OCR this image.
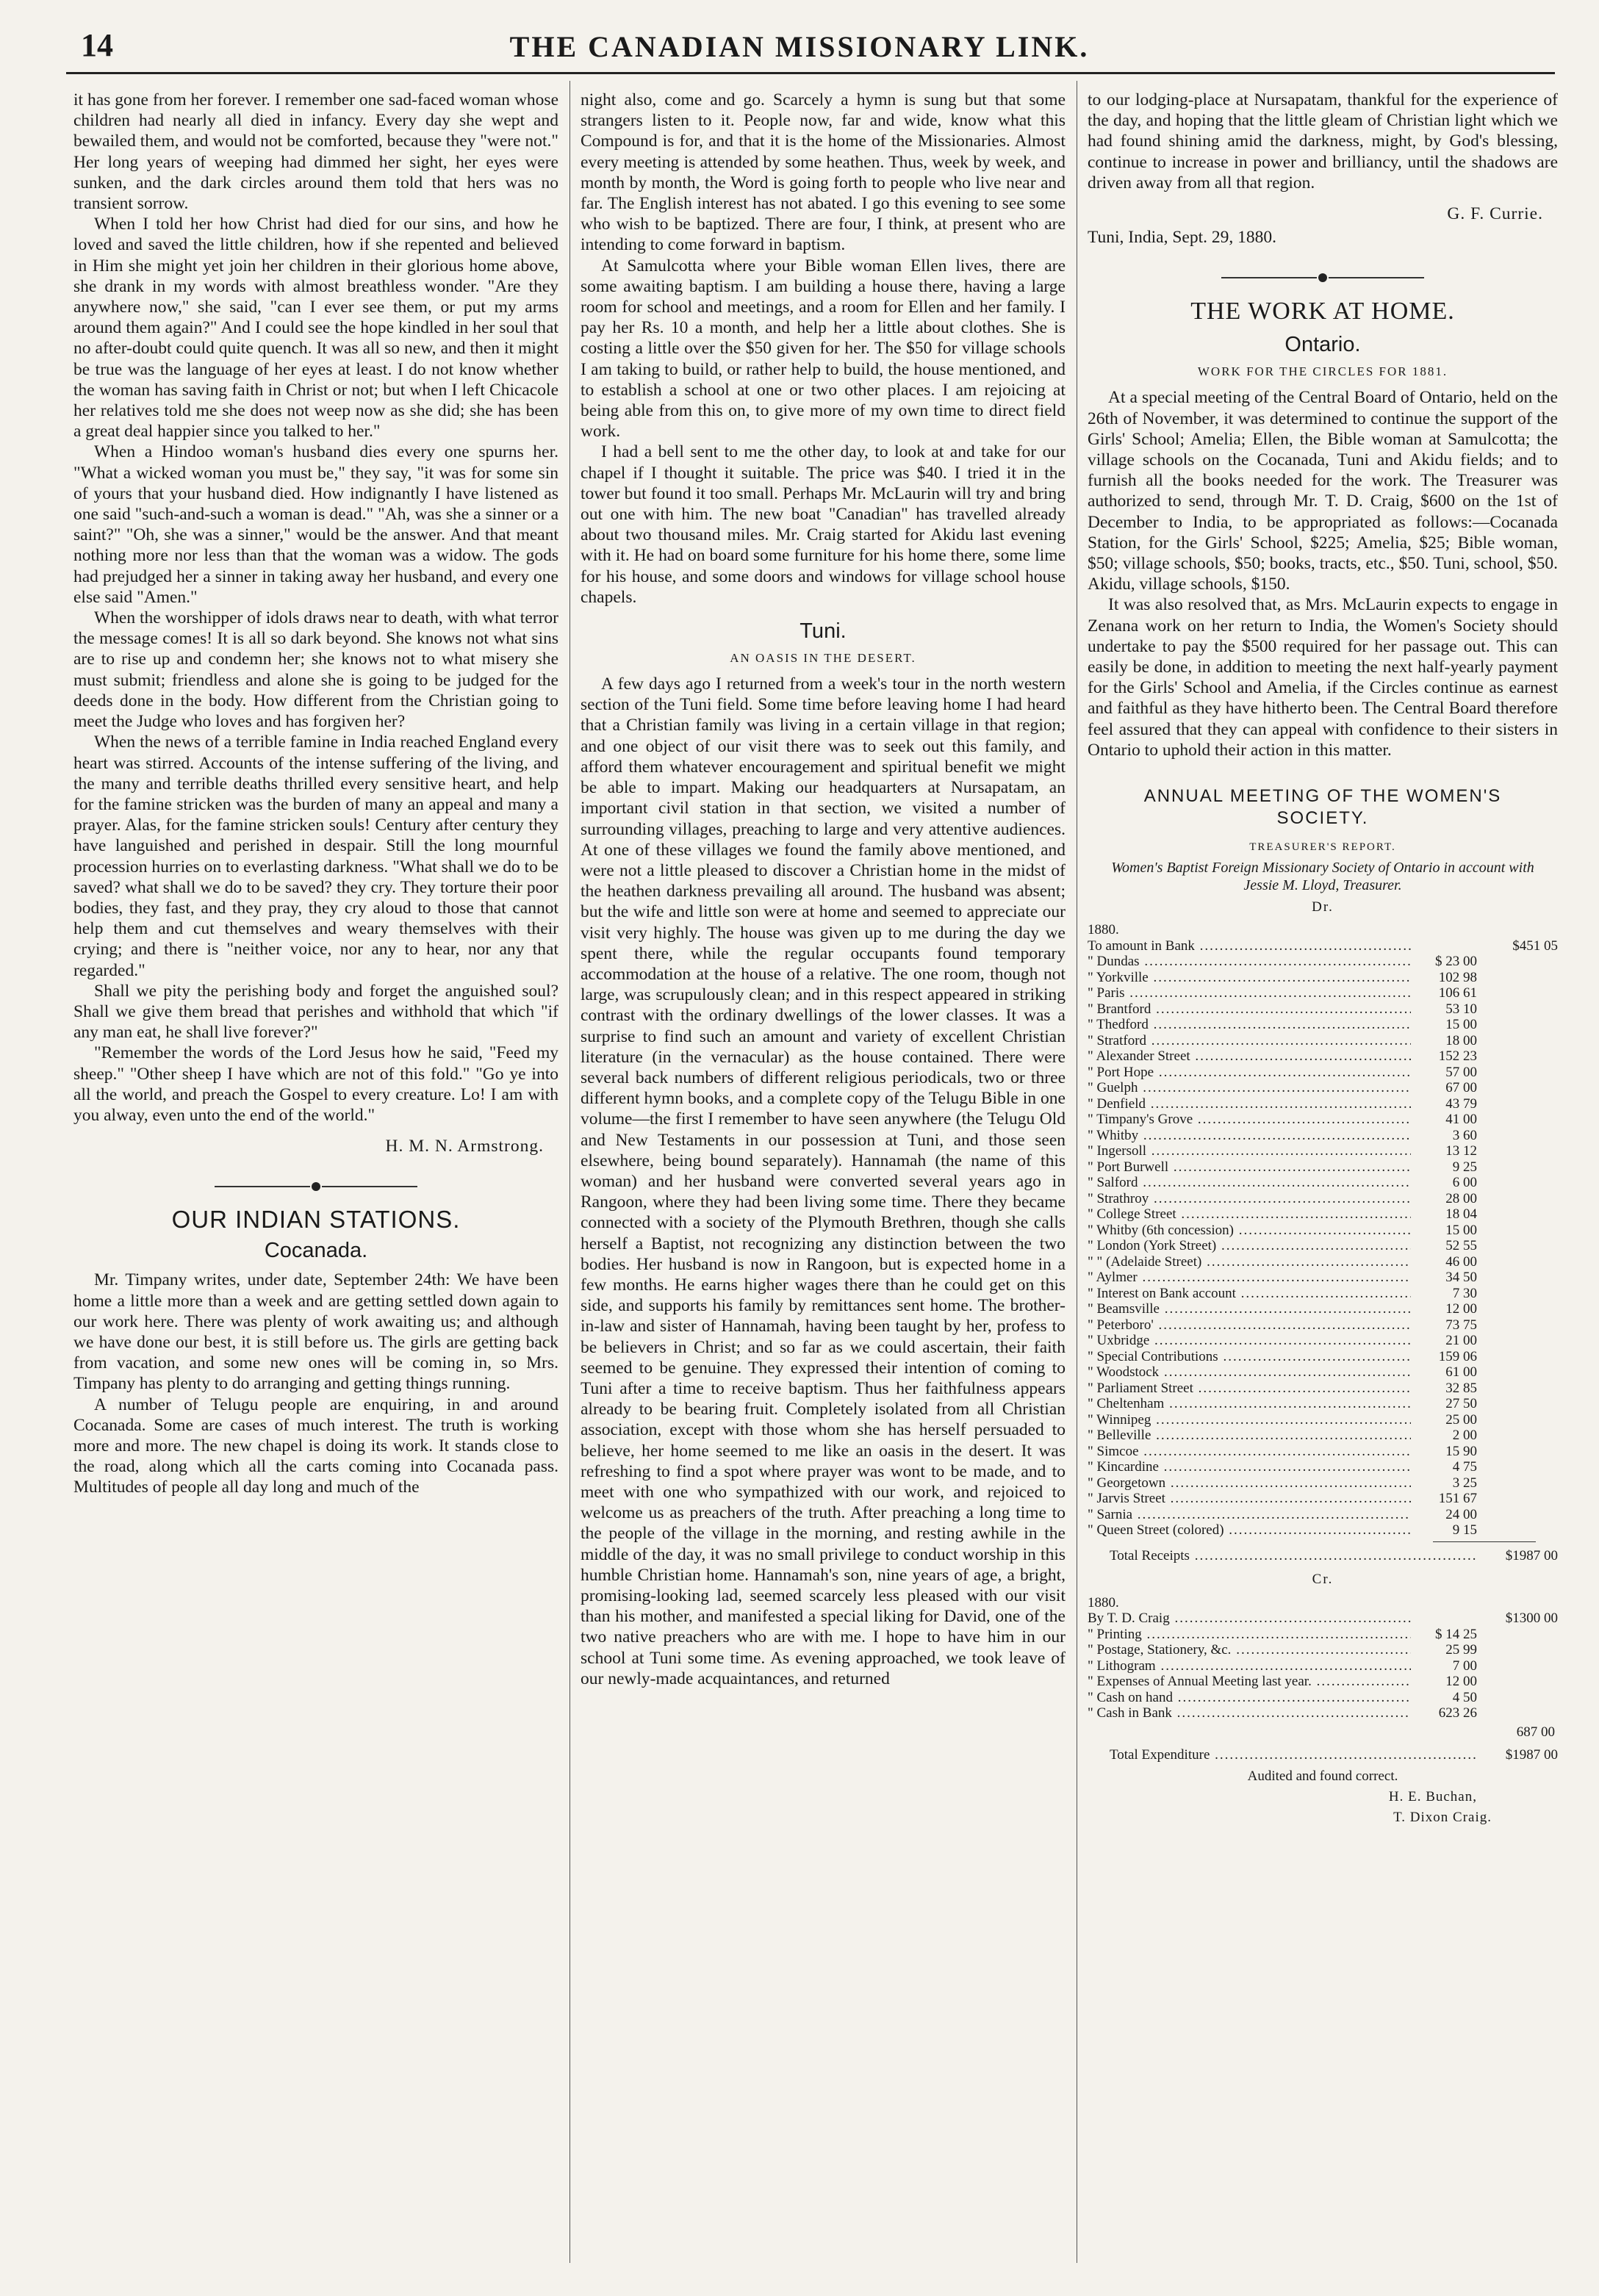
14	THE CANADIAN MISSIONARY LINK.

it has gone from her forever. I remember one sad-faced woman whose children had nearly all died in infancy. Every day she wept and bewailed them, and would not be comforted, because they "were not." Her long years of weeping had dimmed her sight, her eyes were sunken, and the dark circles around them told that hers was no transient sorrow.

When I told her how Christ had died for our sins, and how he loved and saved the little children, how if she repented and believed in Him she might yet join her children in their glorious home above, she drank in my words with almost breathless wonder. "Are they anywhere now," she said, "can I ever see them, or put my arms around them again?" And I could see the hope kindled in her soul that no after-doubt could quite quench. It was all so new, and then it might be true was the language of her eyes at least. I do not know whether the woman has saving faith in Christ or not; but when I left Chicacole her relatives told me she does not weep now as she did; she has been a great deal happier since you talked to her."

When a Hindoo woman's husband dies every one spurns her. "What a wicked woman you must be," they say, "it was for some sin of yours that your husband died. How indignantly I have listened as one said "such-and-such a woman is dead." "Ah, was she a sinner or a saint?" "Oh, she was a sinner," would be the answer. And that meant nothing more nor less than that the woman was a widow. The gods had prejudged her a sinner in taking away her husband, and every one else said "Amen."

When the worshipper of idols draws near to death, with what terror the message comes! It is all so dark beyond. She knows not what sins are to rise up and condemn her; she knows not to what misery she must submit; friendless and alone she is going to be judged for the deeds done in the body. How different from the Christian going to meet the Judge who loves and has forgiven her?

When the news of a terrible famine in India reached England every heart was stirred. Accounts of the intense suffering of the living, and the many and terrible deaths thrilled every sensitive heart, and help for the famine stricken was the burden of many an appeal and many a prayer. Alas, for the famine stricken souls! Century after century they have languished and perished in despair. Still the long mournful procession hurries on to everlasting darkness. "What shall we do to be saved? what shall we do to be saved? they cry. They torture their poor bodies, they fast, and they pray, they cry aloud to those that cannot help them and cut themselves and weary themselves with their crying; and there is "neither voice, nor any to hear, nor any that regarded."

Shall we pity the perishing body and forget the anguished soul? Shall we give them bread that perishes and withhold that which "if any man eat, he shall live forever?"

"Remember the words of the Lord Jesus how he said, "Feed my sheep." "Other sheep I have which are not of this fold." "Go ye into all the world, and preach the Gospel to every creature. Lo! I am with you alway, even unto the end of the world."

H. M. N. Armstrong.

OUR INDIAN STATIONS.
Cocanada.

Mr. Timpany writes, under date, September 24th: We have been home a little more than a week and are getting settled down again to our work here. There was plenty of work awaiting us; and although we have done our best, it is still before us. The girls are getting back from vacation, and some new ones will be coming in, so Mrs. Timpany has plenty to do arranging and getting things running.

A number of Telugu people are enquiring, in and around Cocanada. Some are cases of much interest. The truth is working more and more. The new chapel is doing its work. It stands close to the road, along which all the carts coming into Cocanada pass. Multitudes of people all day long and much of the

night also, come and go. Scarcely a hymn is sung but that some strangers listen to it. People now, far and wide, know what this Compound is for, and that it is the home of the Missionaries. Almost every meeting is attended by some heathen. Thus, week by week, and month by month, the Word is going forth to people who live near and far. The English interest has not abated. I go this evening to see some who wish to be baptized. There are four, I think, at present who are intending to come forward in baptism.

At Samulcotta where your Bible woman Ellen lives, there are some awaiting baptism. I am building a house there, having a large room for school and meetings, and a room for Ellen and her family. I pay her Rs. 10 a month, and help her a little about clothes. She is costing a little over the $50 given for her. The $50 for village schools I am taking to build, or rather help to build, the house mentioned, and to establish a school at one or two other places. I am rejoicing at being able from this on, to give more of my own time to direct field work.

I had a bell sent to me the other day, to look at and take for our chapel if I thought it suitable. The price was $40. I tried it in the tower but found it too small. Perhaps Mr. McLaurin will try and bring out one with him. The new boat "Canadian" has travelled already about two thousand miles. Mr. Craig started for Akidu last evening with it. He had on board some furniture for his home there, some lime for his house, and some doors and windows for village school house chapels.

Tuni.
AN OASIS IN THE DESERT.

A few days ago I returned from a week's tour in the north western section of the Tuni field. Some time before leaving home I had heard that a Christian family was living in a certain village in that region; and one object of our visit there was to seek out this family, and afford them whatever encouragement and spiritual benefit we might be able to impart. Making our headquarters at Nursapatam, an important civil station in that section, we visited a number of surrounding villages, preaching to large and very attentive audiences. At one of these villages we found the family above mentioned, and were not a little pleased to discover a Christian home in the midst of the heathen darkness prevailing all around. The husband was absent; but the wife and little son were at home and seemed to appreciate our visit very highly. The house was given up to me during the day we spent there, while the regular occupants found temporary accommodation at the house of a relative. The one room, though not large, was scrupulously clean; and in this respect appeared in striking contrast with the ordinary dwellings of the lower classes. It was a surprise to find such an amount and variety of excellent Christian literature (in the vernacular) as the house contained. There were several back numbers of different religious periodicals, two or three different hymn books, and a complete copy of the Telugu Bible in one volume—the first I remember to have seen anywhere (the Telugu Old and New Testaments in our possession at Tuni, and those seen elsewhere, being bound separately). Hannamah (the name of this woman) and her husband were converted several years ago in Rangoon, where they had been living some time. There they became connected with a society of the Plymouth Brethren, though she calls herself a Baptist, not recognizing any distinction between the two bodies. Her husband is now in Rangoon, but is expected home in a few months. He earns higher wages there than he could get on this side, and supports his family by remittances sent home. The brother-in-law and sister of Hannamah, having been taught by her, profess to be believers in Christ; and so far as we could ascertain, their faith seemed to be genuine. They expressed their intention of coming to Tuni after a time to receive baptism. Thus her faithfulness appears already to be bearing fruit. Completely isolated from all Christian association, except with those whom she has herself persuaded to believe, her home seemed to me like an oasis in the desert. It was refreshing to find a spot where prayer was wont to be made, and to meet with one who sympathized with our work, and rejoiced to welcome us as preachers of the truth. After preaching a long time to the people of the village in the morning, and resting awhile in the middle of the day, it was no small privilege to conduct worship in this humble Christian home. Hannamah's son, nine years of age, a bright, promising-looking lad, seemed scarcely less pleased with our visit than his mother, and manifested a special liking for David, one of the two native preachers who are with me. I hope to have him in our school at Tuni some time. As evening approached, we took leave of our newly-made acquaintances, and returned

to our lodging-place at Nursapatam, thankful for the experience of the day, and hoping that the little gleam of Christian light which we had found shining amid the darkness, might, by God's blessing, continue to increase in power and brilliancy, until the shadows are driven away from all that region.

G. F. Currie.

Tuni, India, Sept. 29, 1880.

THE WORK AT HOME.
Ontario.
WORK FOR THE CIRCLES FOR 1881.

At a special meeting of the Central Board of Ontario, held on the 26th of November, it was determined to continue the support of the Girls' School; Amelia; Ellen, the Bible woman at Samulcotta; the village schools on the Cocanada, Tuni and Akidu fields; and to furnish all the books needed for the work. The Treasurer was authorized to send, through Mr. T. D. Craig, $600 on the 1st of December to India, to be appropriated as follows:—Cocanada Station, for the Girls' School, $225; Amelia, $25; Bible woman, $50; village schools, $50; books, tracts, etc., $50. Tuni, school, $50. Akidu, village schools, $150.

It was also resolved that, as Mrs. McLaurin expects to engage in Zenana work on her return to India, the Women's Society should undertake to pay the $500 required for her passage out. This can easily be done, in addition to meeting the next half-yearly payment for the Girls' School and Amelia, if the Circles continue as earnest and faithful as they have hitherto been. The Central Board therefore feel assured that they can appeal with confidence to their sisters in Ontario to uphold their action in this matter.

ANNUAL MEETING OF THE WOMEN'S SOCIETY.
TREASURER'S REPORT.
Women's Baptist Foreign Missionary Society of Ontario in account with Jessie M. Lloyd, Treasurer.
Dr.
1880.
To amount in Bank .....	$451 05
" Dundas .....	$ 23 00
" Yorkville .....	102 98
" Paris .....	106 61
" Brantford .....	53 10
" Thedford .....	15 00
" Stratford .....	18 00
" Alexander Street .....	152 23
" Port Hope .....	57 00
" Guelph .....	67 00
" Denfield .....	43 79
" Timpany's Grove .....	41 00
" Whitby .....	3 60
" Ingersoll .....	13 12
" Port Burwell .....	9 25
" Salford .....	6 00
" Strathroy .....	28 00
" College Street .....	18 04
" Whitby (6th concession) .....	15 00
" London (York Street) .....	52 55
" " (Adelaide Street) .....	46 00
" Aylmer .....	34 50
" Interest on Bank account .....	7 30
" Beamsville .....	12 00
" Peterboro' .....	73 75
" Uxbridge .....	21 00
" Special Contributions .....	159 06
" Woodstock .....	61 00
" Parliament Street .....	32 85
" Cheltenham .....	27 50
" Winnipeg .....	25 00
" Belleville .....	2 00
" Simcoe .....	15 90
" Kincardine .....	4 75
" Georgetown .....	3 25
" Jarvis Street .....	151 67
" Sarnia .....	24 00
" Queen Street (colored) .....	9 15
Total Receipts .....	$1987 00
Cr.
1880.
By T. D. Craig .....	$1300 00
" Printing .....	$ 14 25
" Postage, Stationery, &c. .....	25 99
" Lithogram .....	7 00
" Expenses of Annual Meeting last year. .....	12 00
" Cash on hand .....	4 50
" Cash in Bank .....	623 26
687 00
Total Expenditure .....	$1987 00
Audited and found correct.
H. E. Buchan,
T. Dixon Craig.
